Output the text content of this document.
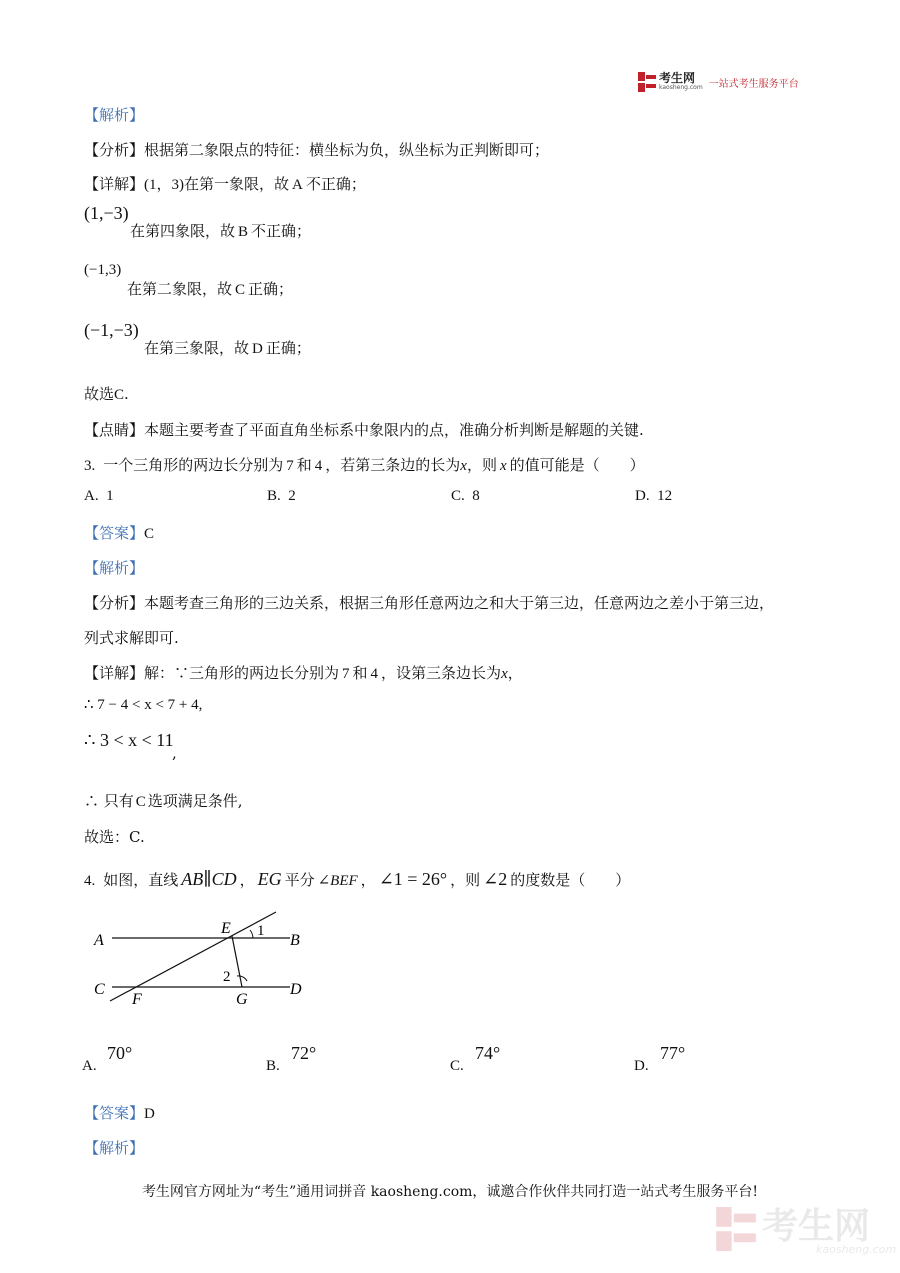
考生网
kaosheng.com 一站式考生服务平台
【解析】
【分析】根据第二象限点的特征：横坐标为负，纵坐标为正判断即可；
【详解】(1，3)在第一象限，故 A 不正确；
(1,−3)
在第四象限，故 B 不正确；
(−1,3)
在第二象限，故 C 正确；
(−1,−3)
在第三象限，故 D 正确；
故选C.
【点睛】本题主要考查了平面直角坐标系中象限内的点，准确分析判断是解题的关键.
3. 一个三角形的两边长分别为 7 和 4 ，若第三条边的长为x，则 x 的值可能是（　　）
A. 1	B. 2	C. 8	D. 12
【答案】C
【解析】
【分析】本题考查三角形的三边关系，根据三角形任意两边之和大于第三边，任意两边之差小于第三边，
列式求解即可.
【详解】解：∵三角形的两边长分别为 7 和 4 ，设第三条边长为x，
∴ 7 − 4 < x < 7 + 4,
∴ 3 < x < 11
,
∴ 只有 C 选项满足条件,
故选：C.
4. 如图，直线 AB∥CD ， EG 平分 ∠BEF ， ∠1 = 26° ，则 ∠2 的度数是（　　）
A	B
C	D
E
F	G
1
2
A.
70°
B.
72°
C.
74°
D.
77°
【答案】D
【解析】
考生网官方网址为“考生”通用词拼音 kaosheng.com，诚邀合作伙伴共同打造一站式考生服务平台!
考生网
kaosheng.com
